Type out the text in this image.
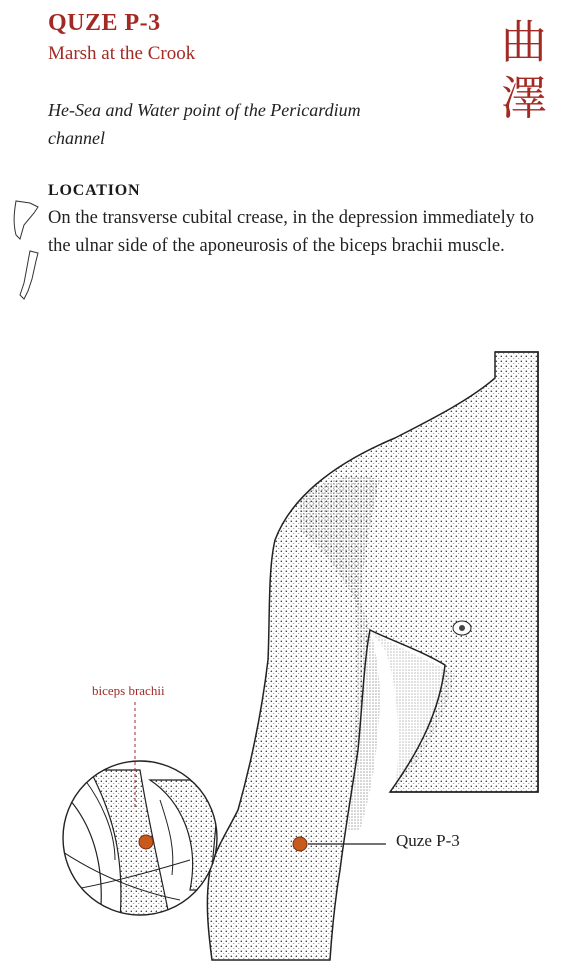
QUZE P-3
Marsh at the Crook	曲
澤
He-Sea and Water point of the Pericardium channel
LOCATION
On the transverse cubital crease, in the depression immediately to the ulnar side of the aponeurosis of the biceps brachii muscle.
biceps brachii
Quze P-3
